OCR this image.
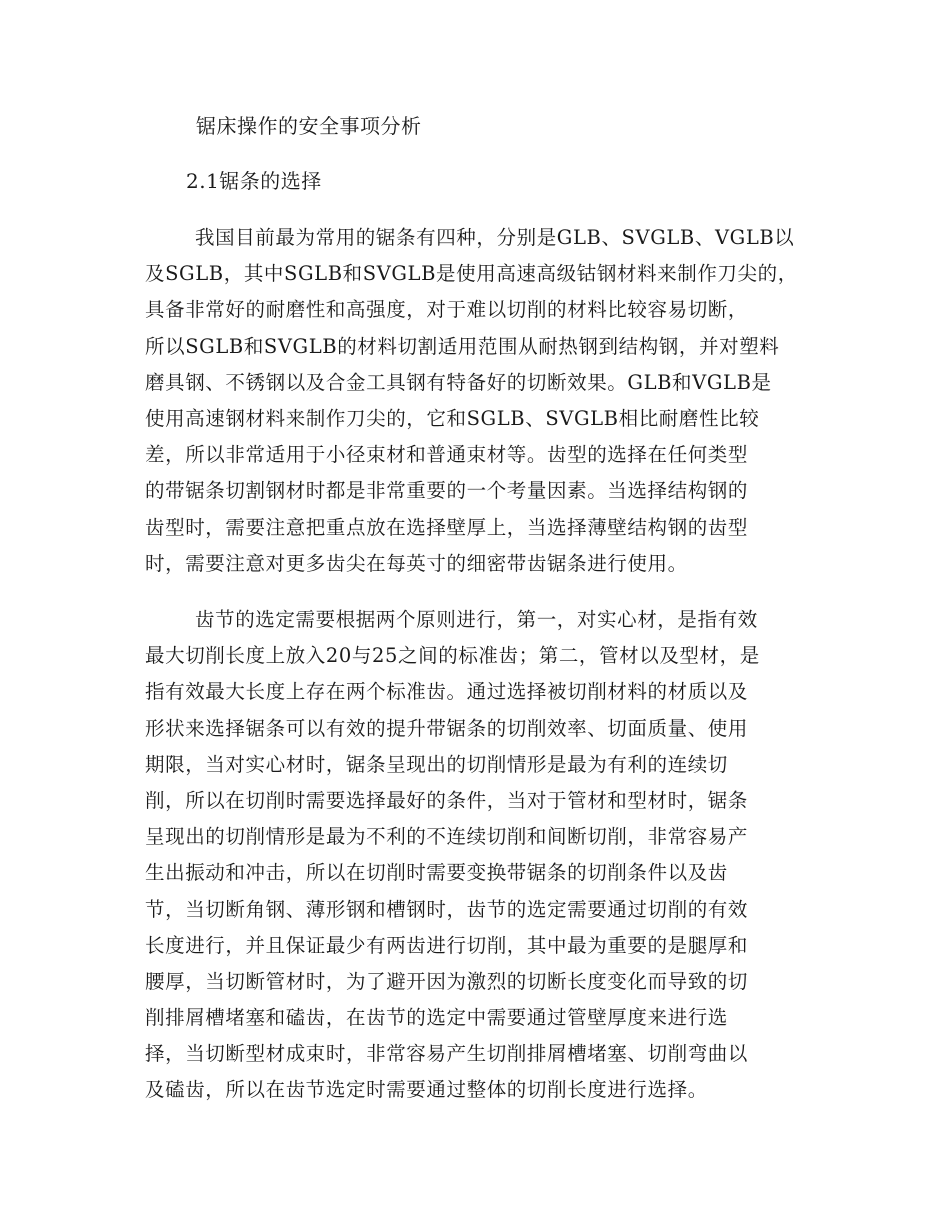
锯床操作的安全事项分析
2.1锯条的选择
我国目前最为常用的锯条有四种，分别是GLB、SVGLB、VGLB以
及SGLB，其中SGLB和SVGLB是使用高速高级钴钢材料来制作刀尖的，
具备非常好的耐磨性和高强度，对于难以切削的材料比较容易切断，
所以SGLB和SVGLB的材料切割适用范围从耐热钢到结构钢，并对塑料
磨具钢、不锈钢以及合金工具钢有特备好的切断效果。GLB和VGLB是
使用高速钢材料来制作刀尖的，它和SGLB、SVGLB相比耐磨性比较
差，所以非常适用于小径束材和普通束材等。齿型的选择在任何类型
的带锯条切割钢材时都是非常重要的一个考量因素。当选择结构钢的
齿型时，需要注意把重点放在选择壁厚上，当选择薄壁结构钢的齿型
时，需要注意对更多齿尖在每英寸的细密带齿锯条进行使用。
齿节的选定需要根据两个原则进行，第一，对实心材，是指有效
最大切削长度上放入20与25之间的标准齿；第二，管材以及型材，是
指有效最大长度上存在两个标准齿。通过选择被切削材料的材质以及
形状来选择锯条可以有效的提升带锯条的切削效率、切面质量、使用
期限，当对实心材时，锯条呈现出的切削情形是最为有利的连续切
削，所以在切削时需要选择最好的条件，当对于管材和型材时，锯条
呈现出的切削情形是最为不利的不连续切削和间断切削，非常容易产
生出振动和冲击，所以在切削时需要变换带锯条的切削条件以及齿
节，当切断角钢、薄形钢和槽钢时，齿节的选定需要通过切削的有效
长度进行，并且保证最少有两齿进行切削，其中最为重要的是腿厚和
腰厚，当切断管材时，为了避开因为激烈的切断长度变化而导致的切
削排屑槽堵塞和磕齿，在齿节的选定中需要通过管壁厚度来进行选
择，当切断型材成束时，非常容易产生切削排屑槽堵塞、切削弯曲以
及磕齿，所以在齿节选定时需要通过整体的切削长度进行选择。
